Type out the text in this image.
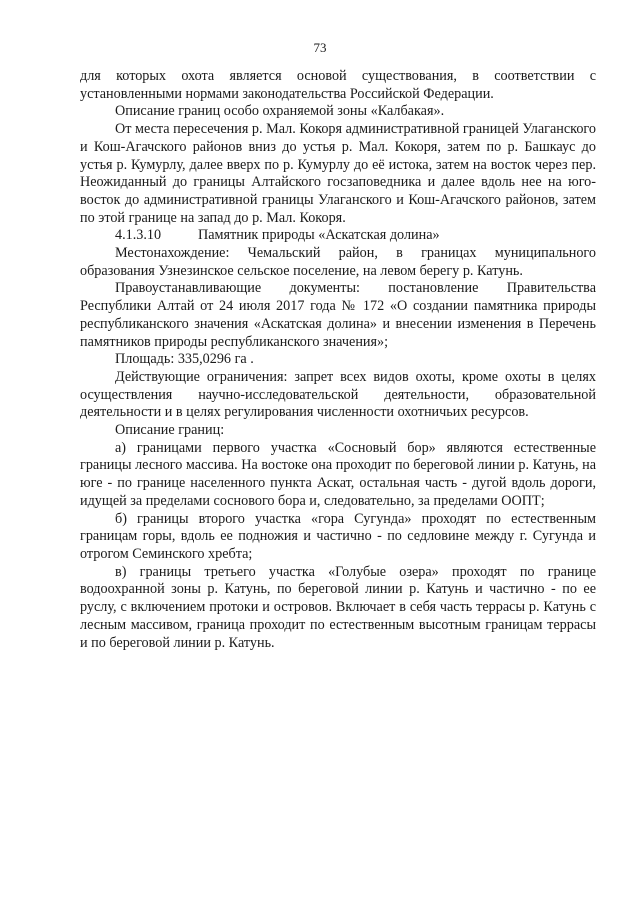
73

для которых охота является основой существования, в соответствии с установленными нормами законодательства Российской Федерации.

Описание границ особо охраняемой зоны «Калбакая».

От места пересечения р. Мал. Кокоря административной границей Улаганского и Кош-Агачского районов вниз до устья р. Мал. Кокоря, затем по р. Башкаус до устья р. Кумурлу, далее вверх по р. Кумурлу до её истока, затем на восток через пер. Неожиданный до границы Алтайского госзаповедника и далее вдоль нее на юго-восток до административной границы Улаганского и Кош-Агачского районов, затем по этой границе на запад до р. Мал. Кокоря.

4.1.3.10	Памятник природы «Аскатская долина»

Местонахождение: Чемальский район, в границах муниципального образования Узнезинское сельское поселение, на левом берегу р. Катунь.

Правоустанавливающие документы: постановление Правительства Республики Алтай от 24 июля 2017 года № 172 «О создании памятника природы республиканского значения «Аскатская долина» и внесении изменения в Перечень памятников природы республиканского значения»;

Площадь: 335,0296 га .

Действующие ограничения: запрет всех видов охоты, кроме охоты в целях осуществления научно-исследовательской деятельности, образовательной деятельности и в целях регулирования численности охотничьих ресурсов.

Описание границ:

а) границами первого участка «Сосновый бор» являются естественные границы лесного массива. На востоке она проходит по береговой линии р. Катунь, на юге - по границе населенного пункта Аскат, остальная часть - дугой вдоль дороги, идущей за пределами соснового бора и, следовательно, за пределами ООПТ;

б) границы второго участка «гора Сугунда» проходят по естественным границам горы, вдоль ее подножия и частично - по седловине между г. Сугунда и отрогом Семинского хребта;

в) границы третьего участка «Голубые озера» проходят по границе водоохранной зоны р. Катунь, по береговой линии р. Катунь и частично - по ее руслу, с включением протоки и островов. Включает в себя часть террасы р. Катунь с лесным массивом, граница проходит по естественным высотным границам террасы и по береговой линии р. Катунь.
